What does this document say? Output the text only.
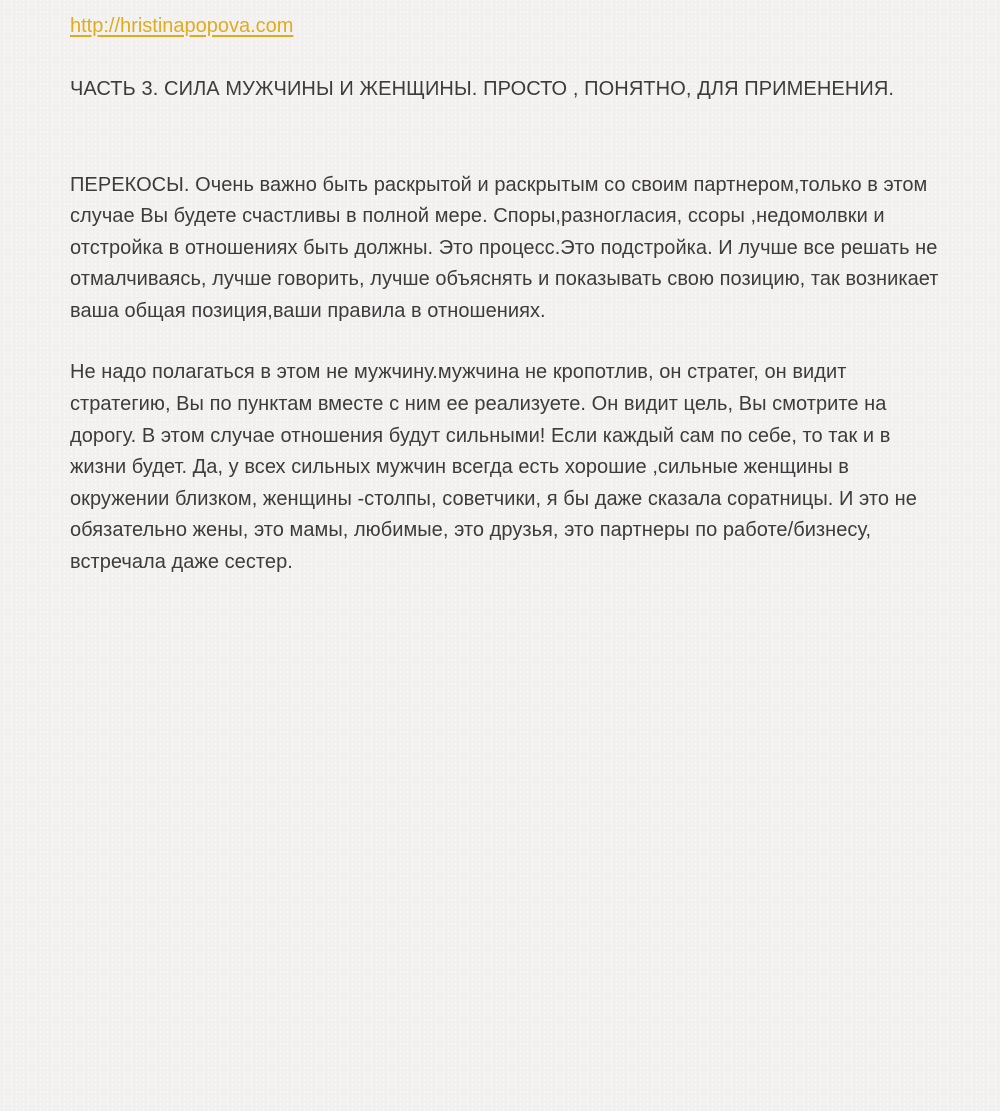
http://hristinapopova.com

ЧАСТЬ 3. СИЛА МУЖЧИНЫ И ЖЕНЩИНЫ. ПРОСТО , ПОНЯТНО, ДЛЯ ПРИМЕНЕНИЯ.

ПЕРЕКОСЫ. Очень важно быть раскрытой и раскрытым со своим партнером,только в этом случае Вы будете счастливы в полной мере. Споры,разногласия, ссоры ,недомолвки и отстройка в отношениях быть должны. Это процесс.Это подстройка. И лучше все решать не отмалчиваясь, лучше говорить, лучше объяснять и показывать свою позицию, так возникает ваша общая позиция,ваши правила в отношениях.

Не надо полагаться в этом не мужчину.мужчина не кропотлив, он стратег, он видит стратегию, Вы по пунктам вместе с ним ее реализуете. Он видит цель, Вы смотрите на дорогу. В этом случае отношения будут сильными! Если каждый сам по себе, то так и в жизни будет. Да, у всех сильных мужчин всегда есть хорошие ,сильные женщины в окружении близком, женщины -столпы, советчики, я бы даже сказала соратницы. И это не обязательно жены, это мамы, любимые, это друзья, это партнеры по работе/бизнесу, встречала даже сестер.
